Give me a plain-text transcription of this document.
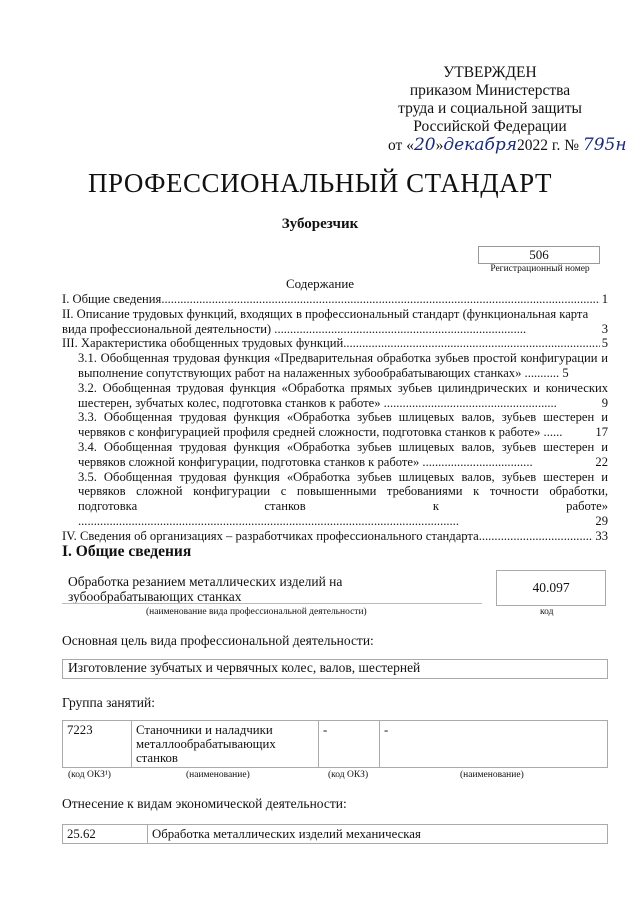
УТВЕРЖДЕН
приказом Министерства
труда и социальной защиты
Российской Федерации
от «20»декабря2022 г. № 795н
ПРОФЕССИОНАЛЬНЫЙ СТАНДАРТ
Зуборезчик
506
Регистрационный номер
Содержание
I. Общие сведения .....	1
II. Описание трудовых функций, входящих в профессиональный стандарт (функциональная карта вида профессиональной деятельности) ................................................................................	3
III. Характеристика обобщенных трудовых функций .....	5
3.1. Обобщенная трудовая функция «Предварительная обработка зубьев простой конфигурации и выполнение сопутствующих работ на налаженных зубообрабатывающих станках» ........... 5
3.2. Обобщенная трудовая функция «Обработка прямых зубьев цилиндрических и конических шестерен, зубчатых колес, подготовка станков к работе» .......................................................	9
3.3. Обобщенная трудовая функция «Обработка зубьев шлицевых валов, зубьев шестерен и червяков с конфигурацией профиля средней сложности, подготовка станков к работе» ......	17
3.4. Обобщенная трудовая функция «Обработка зубьев шлицевых валов, зубьев шестерен и червяков сложной конфигурации, подготовка станков к работе» ...................................	22
3.5. Обобщенная трудовая функция «Обработка зубьев шлицевых валов, зубьев шестерен и червяков сложной конфигурации с повышенными требованиями к точности обработки, подготовка станков к работе» .........................................................................................................................	29
IV. Сведения об организациях – разработчиках профессионального стандарта .....	33
I. Общие сведения
Обработка резанием металлических изделий на зубообрабатывающих станках
(наименование вида профессиональной деятельности)
40.097
код
Основная цель вида профессиональной деятельности:
Изготовление зубчатых и червячных колес, валов, шестерней
Группа занятий:
7223	Станочники и наладчики металлообрабатывающих станков	-	-
(код ОКЗ¹)	(наименование)	(код ОКЗ)	(наименование)
Отнесение к видам экономической деятельности:
25.62	Обработка металлических изделий механическая
